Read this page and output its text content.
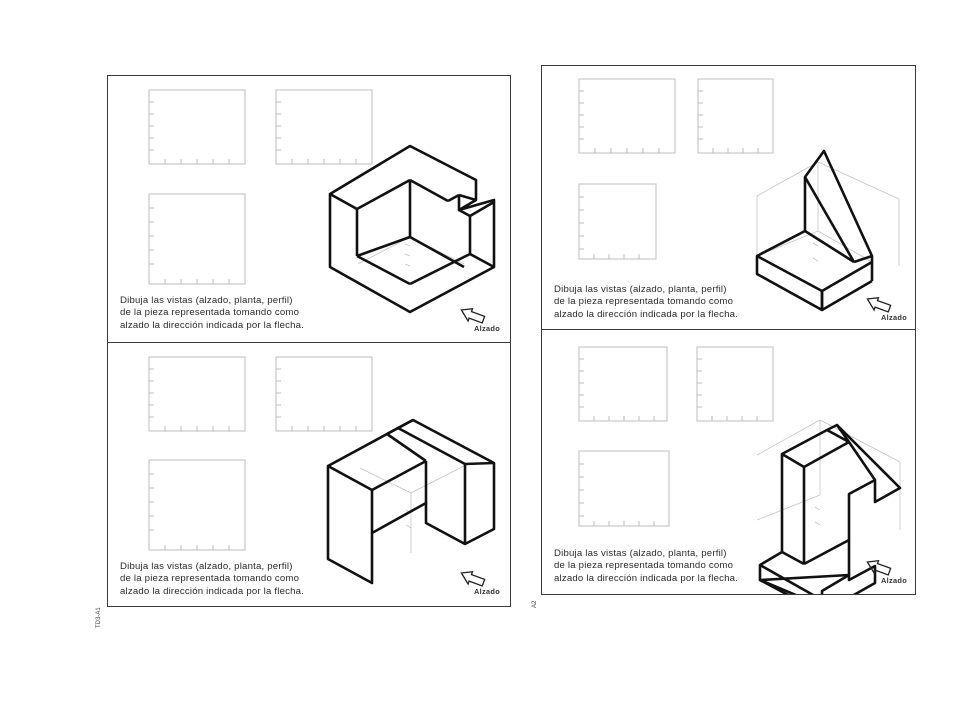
Dibuja las vistas (alzado, planta, perfil)
de la pieza representada tomando como
alzado la dirección indicada por la flecha.	Alzado
Dibuja las vistas (alzado, planta, perfil)
de la pieza representada tomando como
alzado la dirección indicada por la flecha.	Alzado
TD3-A1
Dibuja las vistas (alzado, planta, perfil)
de la pieza representada tomando como
alzado la dirección indicada por la flecha.	Alzado
Dibuja las vistas (alzado, planta, perfil)
de la pieza representada tomando como
alzado la dirección indicada por la flecha.	Alzado
A2
